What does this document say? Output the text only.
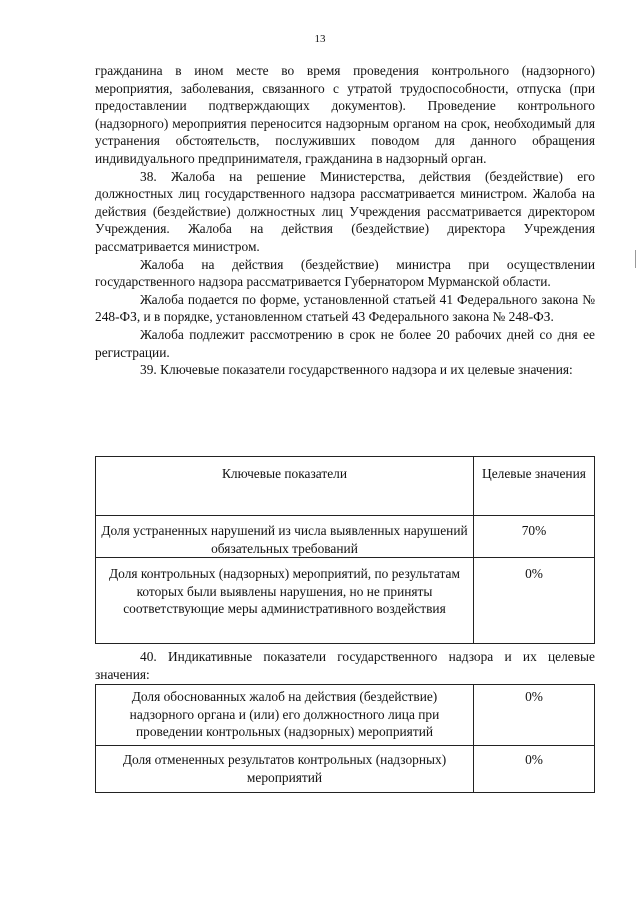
13

гражданина в ином месте во время проведения контрольного (надзорного) мероприятия, заболевания, связанного с утратой трудоспособности, отпуска (при предоставлении подтверждающих документов). Проведение контрольного (надзорного) мероприятия переносится надзорным органом на срок, необходимый для устранения обстоятельств, послуживших поводом для данного обращения индивидуального предпринимателя, гражданина в надзорный орган.

38. Жалоба на решение Министерства, действия (бездействие) его должностных лиц государственного надзора рассматривается министром. Жалоба на действия (бездействие) должностных лиц Учреждения рассматривается директором Учреждения. Жалоба на действия (бездействие) директора Учреждения рассматривается министром.

Жалоба на действия (бездействие) министра при осуществлении государственного надзора рассматривается Губернатором Мурманской области.

Жалоба подается по форме, установленной статьей 41 Федерального закона № 248-ФЗ, и в порядке, установленном статьей 43 Федерального закона № 248-ФЗ.

Жалоба подлежит рассмотрению в срок не более 20 рабочих дней со дня ее регистрации.

39. Ключевые показатели государственного надзора и их целевые значения:

Ключевые показатели	Целевые значения
Доля устраненных нарушений из числа выявленных нарушений обязательных требований	70%
Доля контрольных (надзорных) мероприятий, по результатам которых были выявлены нарушения, но не приняты соответствующие меры административного воздействия	0%

40. Индикативные показатели государственного надзора и их целевые значения:

Доля обоснованных жалоб на действия (бездействие) надзорного органа и (или) его должностного лица при проведении контрольных (надзорных) мероприятий	0%
Доля отмененных результатов контрольных (надзорных) мероприятий	0%
